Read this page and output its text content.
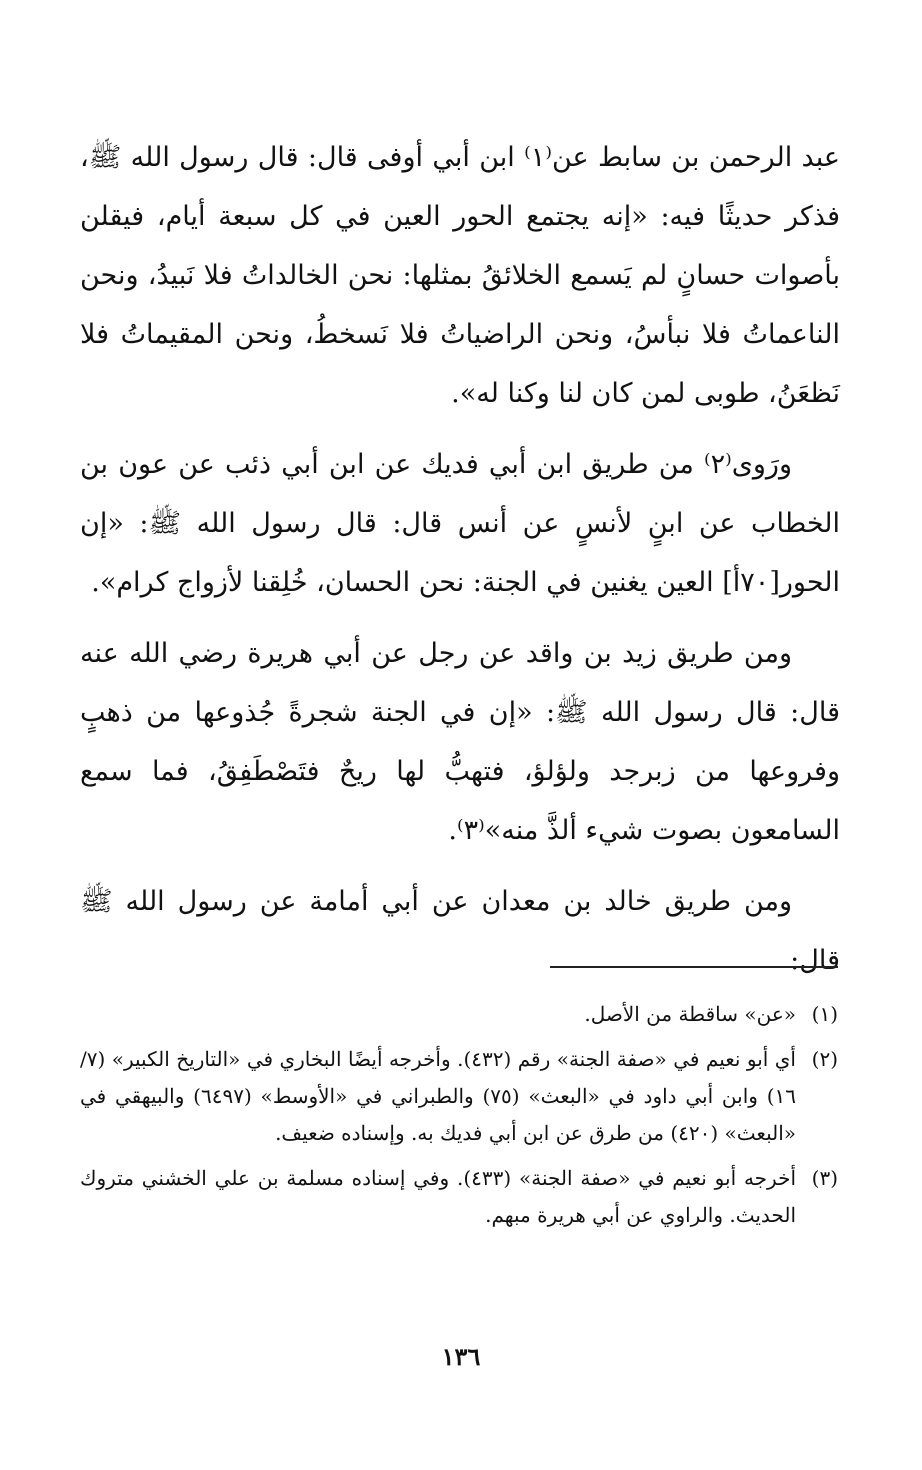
عبد الرحمن بن سابط عن⁽١⁾ ابن أبي أوفى قال: قال رسول الله ﷺ، فذكر حديثًا فيه: «إنه يجتمع الحور العين في كل سبعة أيام، فيقلن بأصوات حسانٍ لم يَسمع الخلائقُ بمثلها: نحن الخالداتُ فلا نَبيدُ، ونحن الناعماتُ فلا نبأسُ، ونحن الراضياتُ فلا نَسخطُ، ونحن المقيماتُ فلا نَظعَنُ، طوبى لمن كان لنا وكنا له».

ورَوى⁽٢⁾ من طريق ابن أبي فديك عن ابن أبي ذئب عن عون بن الخطاب عن ابنٍ لأنسٍ عن أنس قال: قال رسول الله ﷺ: «إن الحور[٧٠أ] العين يغنين في الجنة: نحن الحسان، خُلِقنا لأزواج كرام».

ومن طريق زيد بن واقد عن رجل عن أبي هريرة رضي الله عنه قال: قال رسول الله ﷺ: «إن في الجنة شجرةً جُذوعها من ذهبٍ وفروعها من زبرجد ولؤلؤ، فتهبُّ لها ريحٌ فتَصْطَفِقُ، فما سمع السامعون بصوت شيء ألذَّ منه»⁽٣⁾.

ومن طريق خالد بن معدان عن أبي أمامة عن رسول الله ﷺ قال:

(١)
«عن» ساقطة من الأصل.
(٢)
أي أبو نعيم في «صفة الجنة» رقم (٤٣٢). وأخرجه أيضًا البخاري في «التاريخ الكبير» (٧/ ١٦) وابن أبي داود في «البعث» (٧٥) والطبراني في «الأوسط» (٦٤٩٧) والبيهقي في «البعث» (٤٢٠) من طرق عن ابن أبي فديك به. وإسناده ضعيف.
(٣)
أخرجه أبو نعيم في «صفة الجنة» (٤٣٣). وفي إسناده مسلمة بن علي الخشني متروك الحديث. والراوي عن أبي هريرة مبهم.
١٣٦
